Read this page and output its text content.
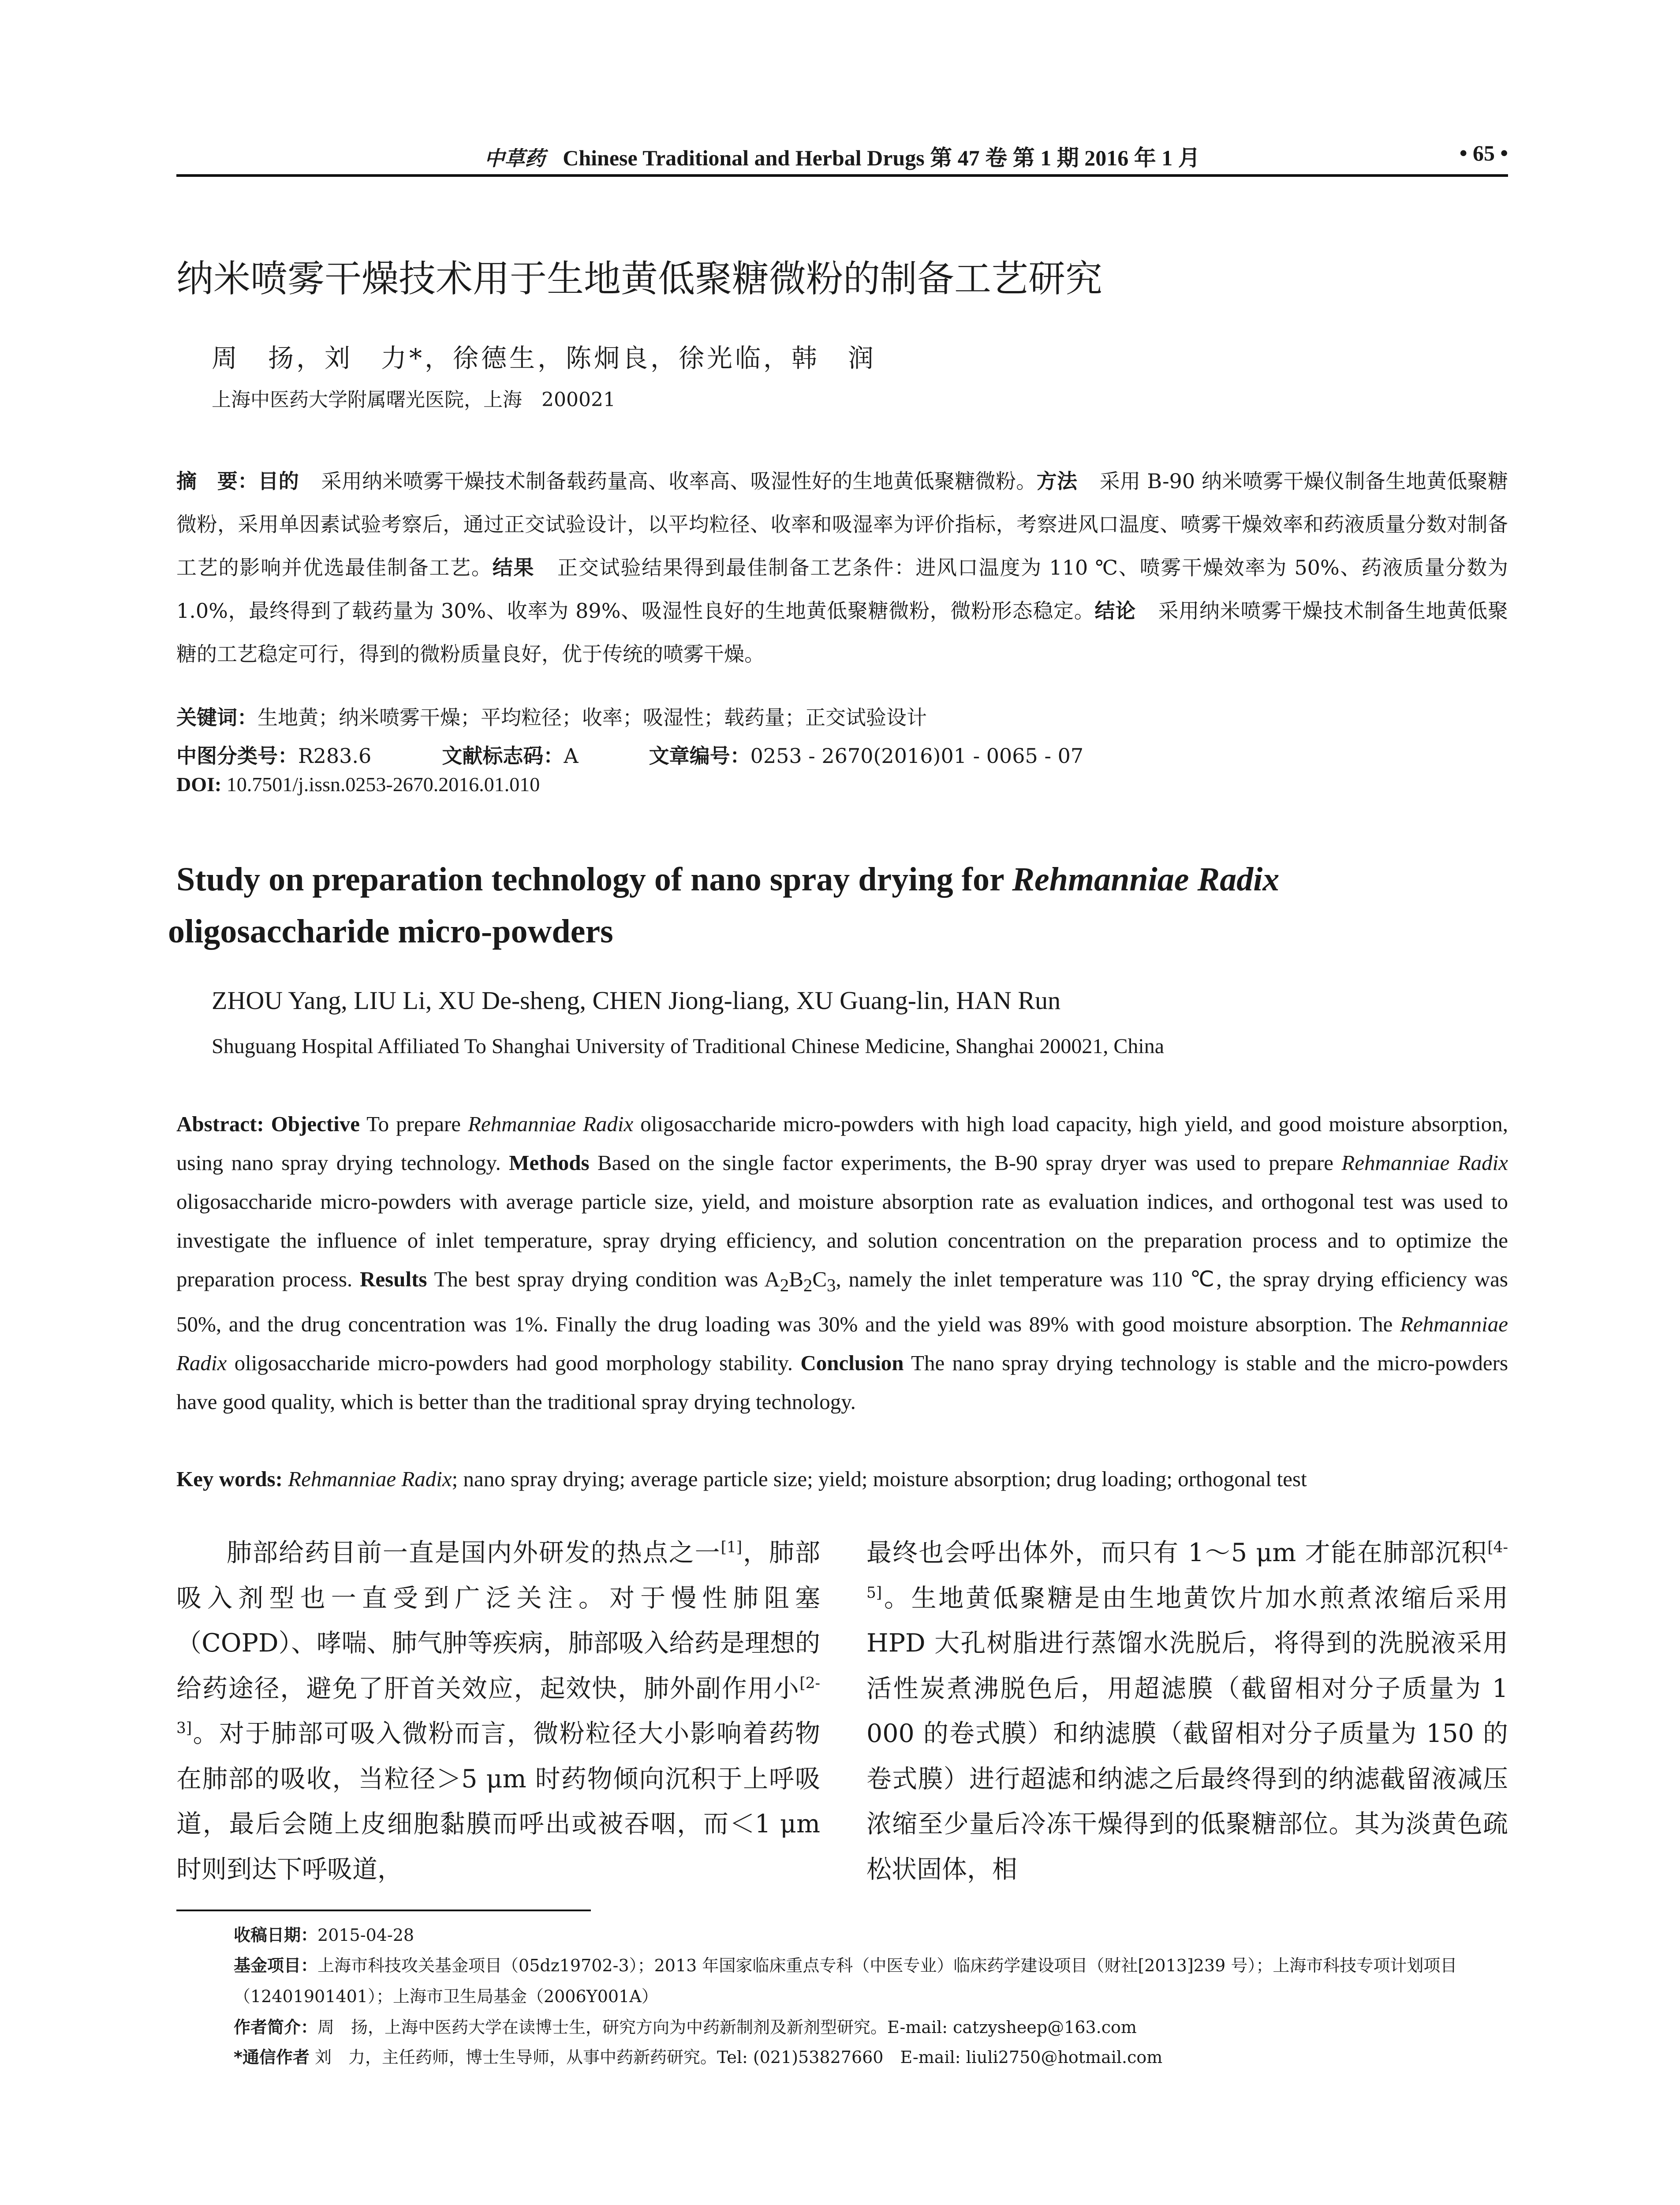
中草药 Chinese Traditional and Herbal Drugs 第 47 卷 第 1 期 2016 年 1 月	• 65 •
纳米喷雾干燥技术用于生地黄低聚糖微粉的制备工艺研究
周　扬，刘　力*，徐德生，陈炯良，徐光临，韩　润
上海中医药大学附属曙光医院，上海　200021
摘　要：目的 采用纳米喷雾干燥技术制备载药量高、收率高、吸湿性好的生地黄低聚糖微粉。方法 采用 B-90 纳米喷雾干燥仪制备生地黄低聚糖微粉，采用单因素试验考察后，通过正交试验设计，以平均粒径、收率和吸湿率为评价指标，考察进风口温度、喷雾干燥效率和药液质量分数对制备工艺的影响并优选最佳制备工艺。结果 正交试验结果得到最佳制备工艺条件：进风口温度为 110 ℃、喷雾干燥效率为 50%、药液质量分数为 1.0%，最终得到了载药量为 30%、收率为 89%、吸湿性良好的生地黄低聚糖微粉，微粉形态稳定。结论 采用纳米喷雾干燥技术制备生地黄低聚糖的工艺稳定可行，得到的微粉质量良好，优于传统的喷雾干燥。
关键词：生地黄；纳米喷雾干燥；平均粒径；收率；吸湿性；载药量；正交试验设计
中图分类号：R283.6	文献标志码：A	文章编号：0253 - 2670(2016)01 - 0065 - 07
DOI: 10.7501/j.issn.0253-2670.2016.01.010
Study on preparation technology of nano spray drying for Rehmanniae Radix
oligosaccharide micro-powders
ZHOU Yang, LIU Li, XU De-sheng, CHEN Jiong-liang, XU Guang-lin, HAN Run
Shuguang Hospital Affiliated To Shanghai University of Traditional Chinese Medicine, Shanghai 200021, China
Abstract: Objective To prepare Rehmanniae Radix oligosaccharide micro-powders with high load capacity, high yield, and good moisture absorption, using nano spray drying technology. Methods Based on the single factor experiments, the B-90 spray dryer was used to prepare Rehmanniae Radix oligosaccharide micro-powders with average particle size, yield, and moisture absorption rate as evaluation indices, and orthogonal test was used to investigate the influence of inlet temperature, spray drying efficiency, and solution concentration on the preparation process and to optimize the preparation process. Results The best spray drying condition was $A_2B_2C_3$, namely the inlet temperature was 110 ℃, the spray drying efficiency was 50%, and the drug concentration was 1%. Finally the drug loading was 30% and the yield was 89% with good moisture absorption. The Rehmanniae Radix oligosaccharide micro-powders had good morphology stability. Conclusion The nano spray drying technology is stable and the micro-powders have good quality, which is better than the traditional spray drying technology.
Key words: Rehmanniae Radix; nano spray drying; average particle size; yield; moisture absorption; drug loading; orthogonal test
肺部给药目前一直是国内外研发的热点之一[1]，肺部吸入剂型也一直受到广泛关注。对于慢性肺阻塞（COPD）、哮喘、肺气肿等疾病，肺部吸入给药是理想的给药途径，避免了肝首关效应，起效快，肺外副作用小[2-3]。对于肺部可吸入微粉而言，微粉粒径大小影响着药物在肺部的吸收，当粒径＞5 μm 时药物倾向沉积于上呼吸道，最后会随上皮细胞黏膜而呼出或被吞咽，而＜1 μm 时则到达下呼吸道，
最终也会呼出体外，而只有 1～5 μm 才能在肺部沉积[4-5]。生地黄低聚糖是由生地黄饮片加水煎煮浓缩后采用 HPD 大孔树脂进行蒸馏水洗脱后，将得到的洗脱液采用活性炭煮沸脱色后，用超滤膜（截留相对分子质量为 1 000 的卷式膜）和纳滤膜（截留相对分子质量为 150 的卷式膜）进行超滤和纳滤之后最终得到的纳滤截留液减压浓缩至少量后冷冻干燥得到的低聚糖部位。其为淡黄色疏松状固体，相
收稿日期：2015-04-28
基金项目：上海市科技攻关基金项目（05dz19702-3）；2013 年国家临床重点专科（中医专业）临床药学建设项目（财社[2013]239 号）；上海市科技专项计划项目（12401901401）；上海市卫生局基金（2006Y001A）
作者简介：周　扬，上海中医药大学在读博士生，研究方向为中药新制剂及新剂型研究。E-mail: catzysheep@163.com
*通信作者 刘　力，主任药师，博士生导师，从事中药新药研究。Tel: (021)53827660　E-mail: liuli2750@hotmail.com
